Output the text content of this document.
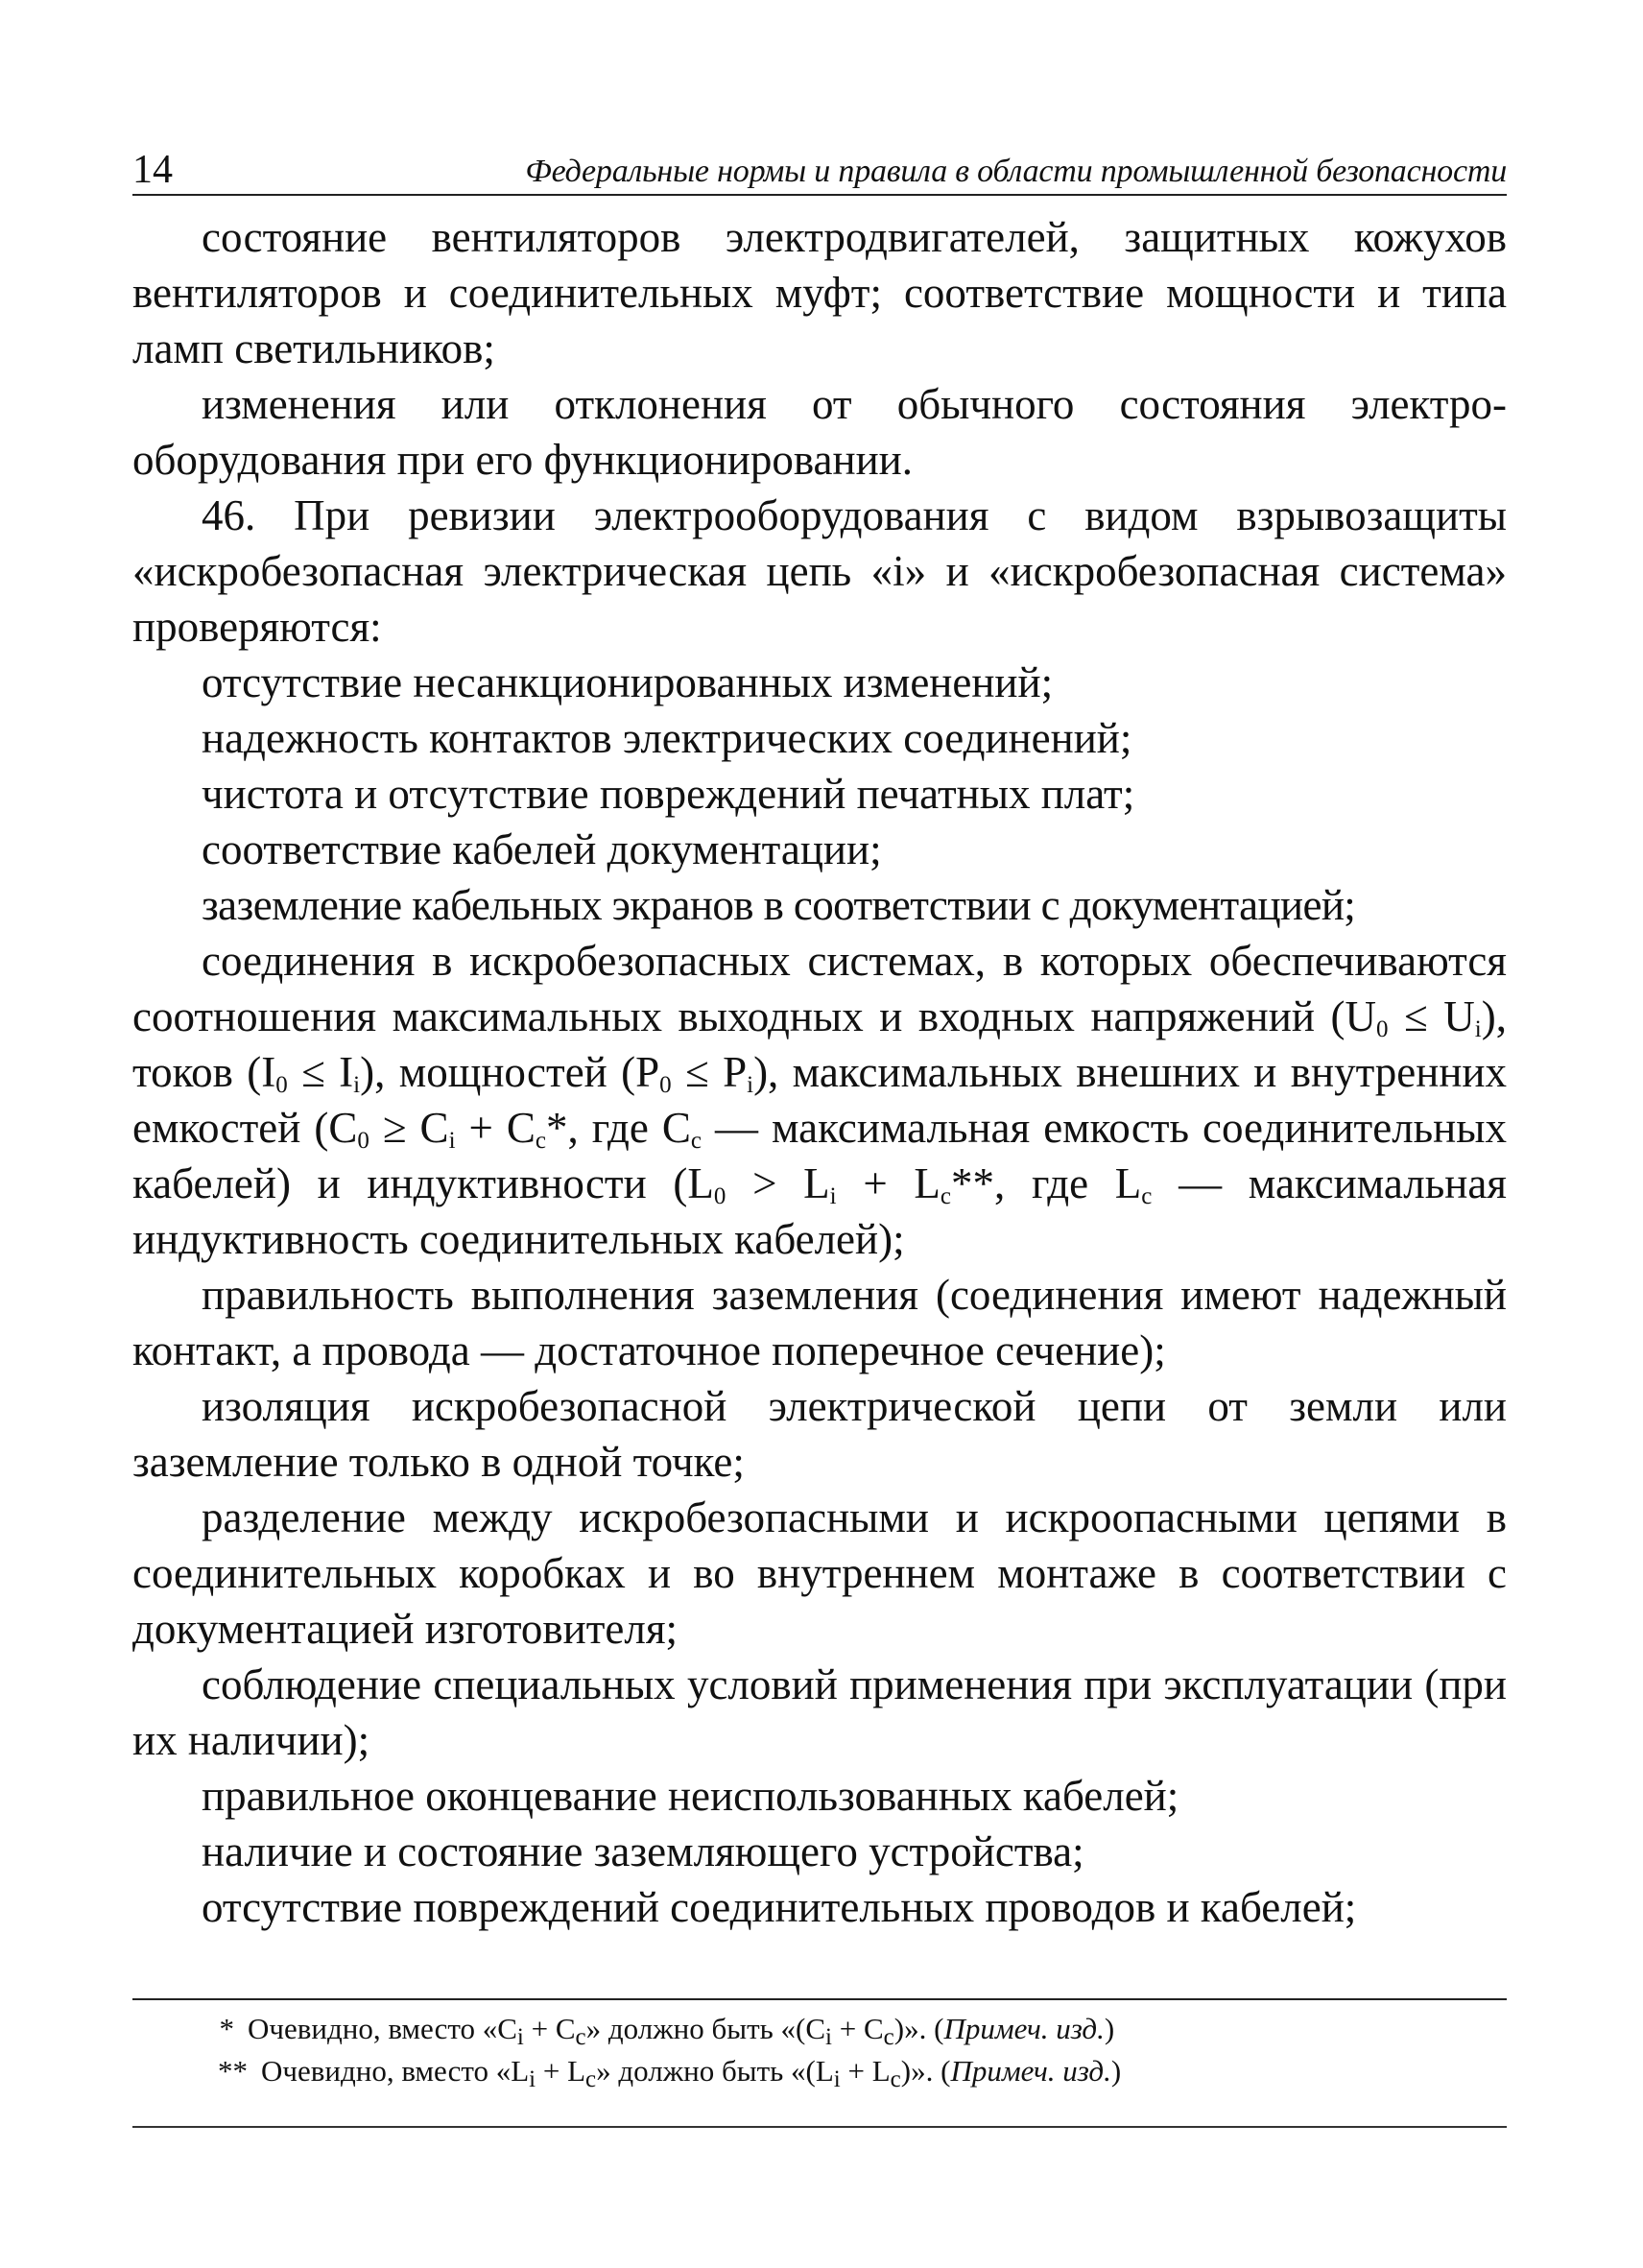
14	Федеральные нормы и правила в области промышленной безопасности

состояние вентиляторов электродвигателей, защитных кожухов вентиляторов и соединительных муфт; соответствие мощности и типа ламп светильников;

изменения или отклонения от обычного состояния электрооборудования при его функционировании.

46. При ревизии электрооборудования с видом взрывозащиты «искробезопасная электрическая цепь «i» и «искробезопасная система» проверяются:

отсутствие несанкционированных изменений;

надежность контактов электрических соединений;

чистота и отсутствие повреждений печатных плат;

соответствие кабелей документации;

заземление кабельных экранов в соответствии с документацией;

соединения в искробезопасных системах, в которых обеспечиваются соотношения максимальных выходных и входных напряжений $(U_0 \le U_i)$, токов $(I_0 \le I_i)$, мощностей $(P_0 \le P_i)$, максимальных внешних и внутренних емкостей ($C_0 \ge C_i + C_c*$, где $C_c$ — максимальная емкость соединительных кабелей) и индуктивности ($L_0 > L_i + L_c**$, где $L_c$ — максимальная индуктивность соединительных кабелей);

правильность выполнения заземления (соединения имеют надежный контакт, а провода — достаточное поперечное сечение);

изоляция искробезопасной электрической цепи от земли или заземление только в одной точке;

разделение между искробезопасными и искроопасными цепями в соединительных коробках и во внутреннем монтаже в соответствии с документацией изготовителя;

соблюдение специальных условий применения при эксплуатации (при их наличии);

правильное оконцевание неиспользованных кабелей;

наличие и состояние заземляющего устройства;

отсутствие повреждений соединительных проводов и кабелей;

* Очевидно, вместо «$C_i + C_c$» должно быть «$(C_i + C_c)$». (Примеч. изд.)
** Очевидно, вместо «$L_i + L_c$» должно быть «$(L_i + L_c)$». (Примеч. изд.)
